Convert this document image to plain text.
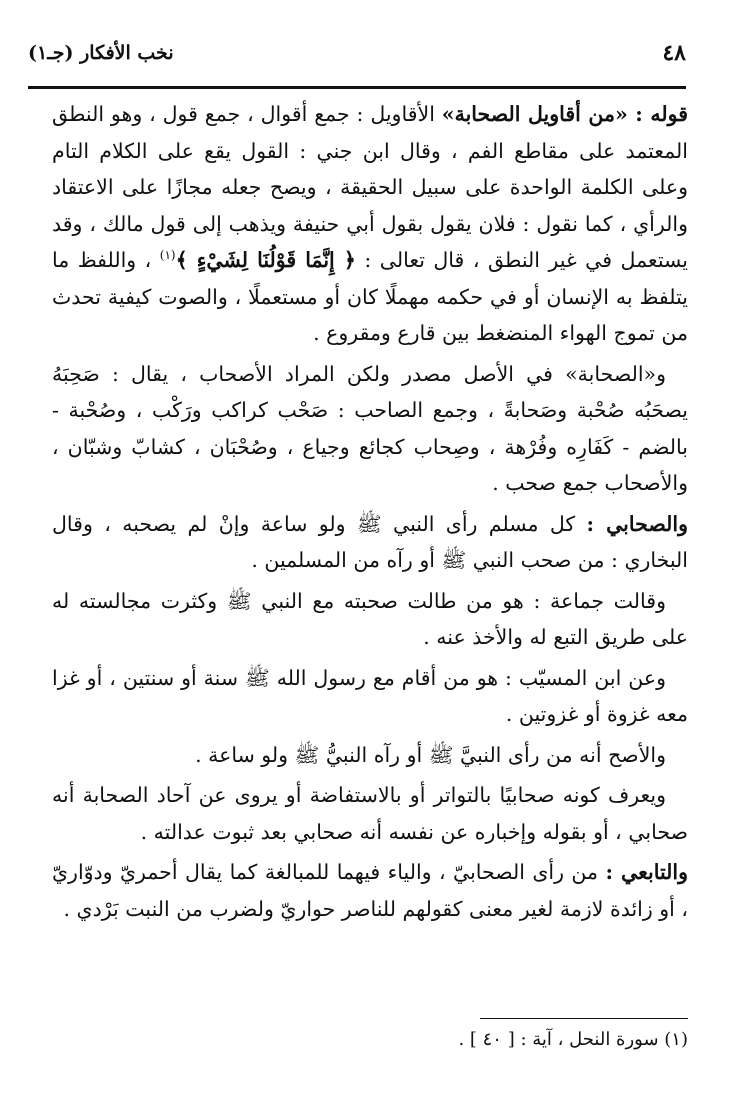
٤٨
نخب الأفكار (جـ١)

قوله : «من أقاويل الصحابة» الأقاويل : جمع أقوال ، جمع قول ، وهو النطق المعتمد على مقاطع الفم ، وقال ابن جني : القول يقع على الكلام التام وعلى الكلمة الواحدة على سبيل الحقيقة ، ويصح جعله مجازًا على الاعتقاد والرأي ، كما نقول : فلان يقول بقول أبي حنيفة ويذهب إلى قول مالك ، وقد يستعمل في غير النطق ، قال تعالى : ﴿ إِنَّمَا قَوْلُنَا لِشَيْءٍ ﴾$^{(١)}$ ، واللفظ ما يتلفظ به الإنسان أو في حكمه مهملًا كان أو مستعملًا ، والصوت كيفية تحدث من تموج الهواء المنضغط بين قارع ومقروع .

و«الصحابة» في الأصل مصدر ولكن المراد الأصحاب ، يقال : صَحِبَهُ يصحَبُه صُحْبة وصَحابةً ، وجمع الصاحب : صَحْب كراكب ورَكْب ، وصُحْبة - بالضم - كَفَارِه وفُرْهة ، وصِحاب كجائع وجياع ، وصُحْبَان ، كشابّ وشبّان ، والأصحاب جمع صحب .

والصحابي : كل مسلم رأى النبي ﷺ ولو ساعة وإنْ لم يصحبه ، وقال البخاري : من صحب النبي ﷺ أو رآه من المسلمين .

وقالت جماعة : هو من طالت صحبته مع النبي ﷺ وكثرت مجالسته له على طريق التبع له والأخذ عنه .

وعن ابن المسيّب : هو من أقام مع رسول الله ﷺ سنة أو سنتين ، أو غزا معه غزوة أو غزوتين .

والأصح أنه من رأى النبيَّ ﷺ أو رآه النبيُّ ﷺ ولو ساعة .

ويعرف كونه صحابيًا بالتواتر أو بالاستفاضة أو يروى عن آحاد الصحابة أنه صحابي ، أو بقوله وإخباره عن نفسه أنه صحابي بعد ثبوت عدالته .

والتابعي : من رأى الصحابيّ ، والياء فيهما للمبالغة كما يقال أحمريّ ودوّاريّ ، أو زائدة لازمة لغير معنى كقولهم للناصر حواريّ ولضرب من النبت بَرْدي .

(١) سورة النحل ، آية : [ ٤٠ ] .
